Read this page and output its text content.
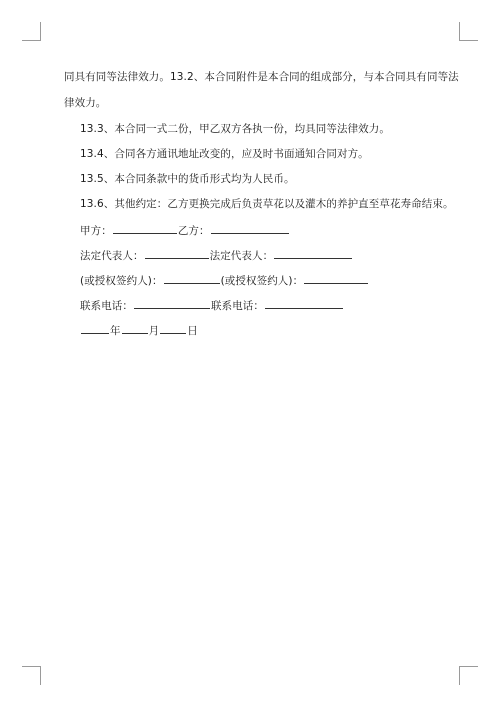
同具有同等法律效力。13.2、本合同附件是本合同的组成部分，与本合同具有同等法
律效力。
13.3、本合同一式二份，甲乙双方各执一份，均具同等法律效力。
13.4、合同各方通讯地址改变的，应及时书面通知合同对方。
13.5、本合同条款中的货币形式均为人民币。
13.6、其他约定：乙方更换完成后负责草花以及灌木的养护直至草花寿命结束。
甲方：	乙方：
法定代表人：	法定代表人：
(或授权签约人)：	(或授权签约人)：
联系电话：	联系电话：
年	月	日
